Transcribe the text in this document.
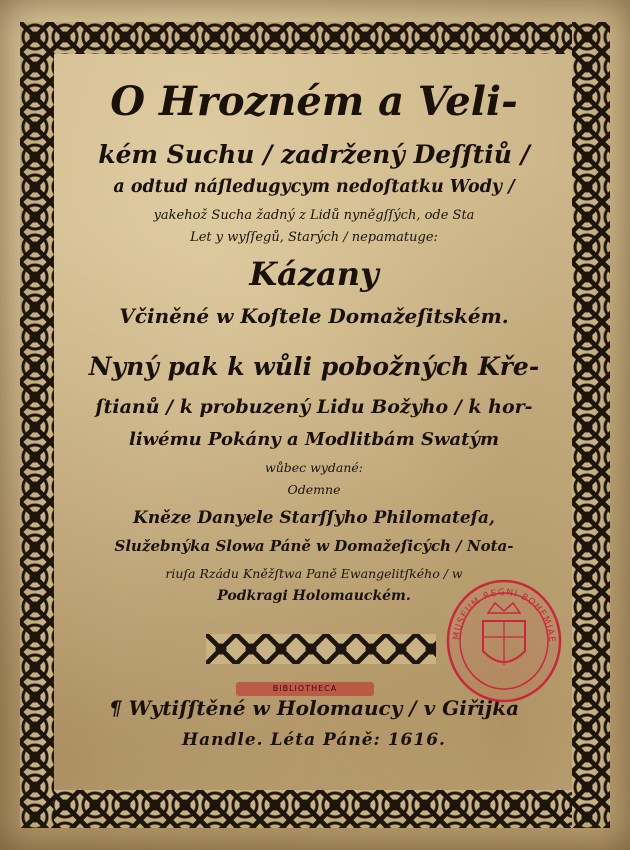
O Hrozném a Veli-
kém Suchu / zadržený Deſſtiů /
a odtud náſledugycym nedoſtatku Wody /
yakehož Sucha žadný z Lidů nyněgſſých, ode Sta
Let y wyſſegů, Starých / nepamatuge:
Kázany
Včiněné w Koſtele Domažeſitském.
Nyný pak k wůli pobožných Kře-
ſtianů / k probuzený Lidu Božyho / k hor-
liwému Pokány a Modlitbám Swatým
wůbec wydané:
Odemne
Kněze Danyele Starſſyho Philomateſa,
Služebnýka Slowa Páně w Domažeſicých / Nota-
riuſa Rzádu Kněžſtwa Paně Ewangelitſkého / w
Podkragi Holomauckém.
¶ Wytiſſtěné w Holomaucy / v Giřijka
Handle. Léta Páně: 1616.
BIBLIOTHECA
MUSEUM REGNI BOHEMIAE
